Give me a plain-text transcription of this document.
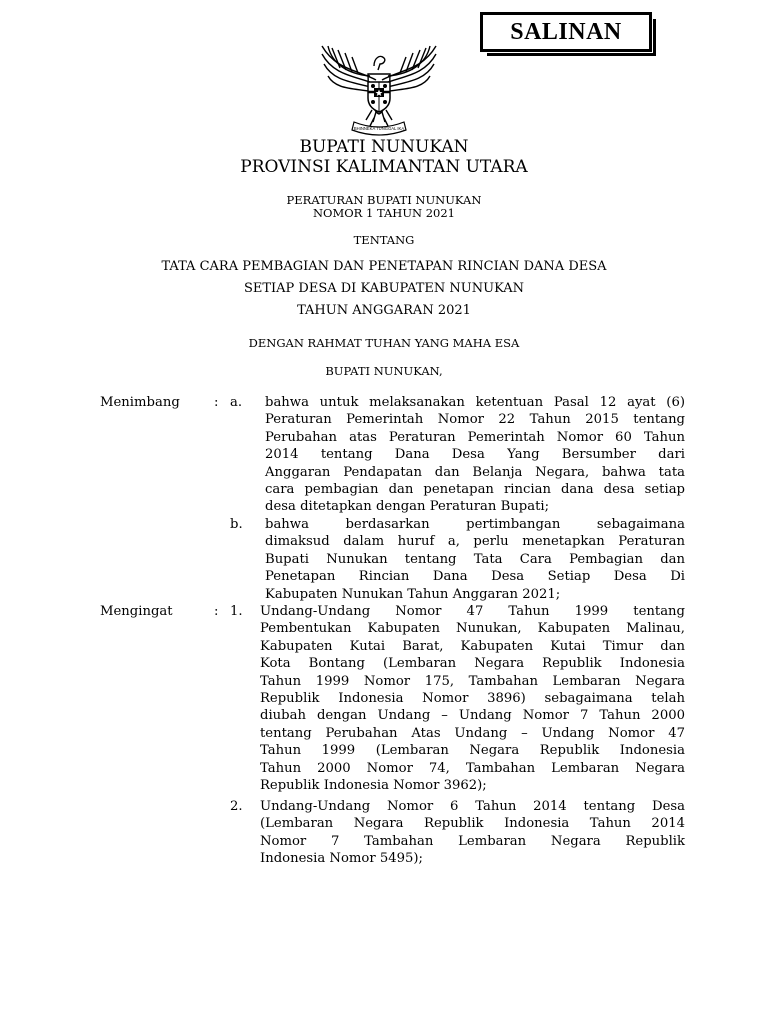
SALINAN
BHINNEKA TUNGGAL IKA
BUPATI NUNUKAN
PROVINSI KALIMANTAN UTARA
PERATURAN BUPATI NUNUKAN
NOMOR 1 TAHUN 2021
TENTANG
TATA CARA PEMBAGIAN DAN PENETAPAN RINCIAN DANA DESA
SETIAP DESA DI KABUPATEN NUNUKAN
TAHUN ANGGARAN 2021
DENGAN RAHMAT TUHAN YANG MAHA ESA
BUPATI NUNUKAN,
Menimbang	: a. bahwa untuk melaksanakan ketentuan Pasal 12 ayat (6)
Peraturan Pemerintah Nomor 22 Tahun 2015 tentang
Perubahan atas Peraturan Pemerintah Nomor 60 Tahun
2014 tentang Dana Desa Yang Bersumber dari
Anggaran Pendapatan dan Belanja Negara, bahwa tata
cara pembagian dan penetapan rincian dana desa setiap
desa ditetapkan dengan Peraturan Bupati;
b. bahwa berdasarkan pertimbangan sebagaimana
dimaksud dalam huruf a, perlu menetapkan Peraturan
Bupati Nunukan tentang Tata Cara Pembagian dan
Penetapan Rincian Dana Desa Setiap Desa Di
Kabupaten Nunukan Tahun Anggaran 2021;
Mengingat	: 1. Undang-Undang Nomor 47 Tahun 1999 tentang
Pembentukan Kabupaten Nunukan, Kabupaten Malinau,
Kabupaten Kutai Barat, Kabupaten Kutai Timur dan
Kota Bontang (Lembaran Negara Republik Indonesia
Tahun 1999 Nomor 175, Tambahan Lembaran Negara
Republik Indonesia Nomor 3896) sebagaimana telah
diubah dengan Undang – Undang Nomor 7 Tahun 2000
tentang Perubahan Atas Undang – Undang Nomor 47
Tahun 1999 (Lembaran Negara Republik Indonesia
Tahun 2000 Nomor 74, Tambahan Lembaran Negara
Republik Indonesia Nomor 3962);
2. Undang-Undang Nomor 6 Tahun 2014 tentang Desa
(Lembaran Negara Republik Indonesia Tahun 2014
Nomor 7 Tambahan Lembaran Negara Republik
Indonesia Nomor 5495);
